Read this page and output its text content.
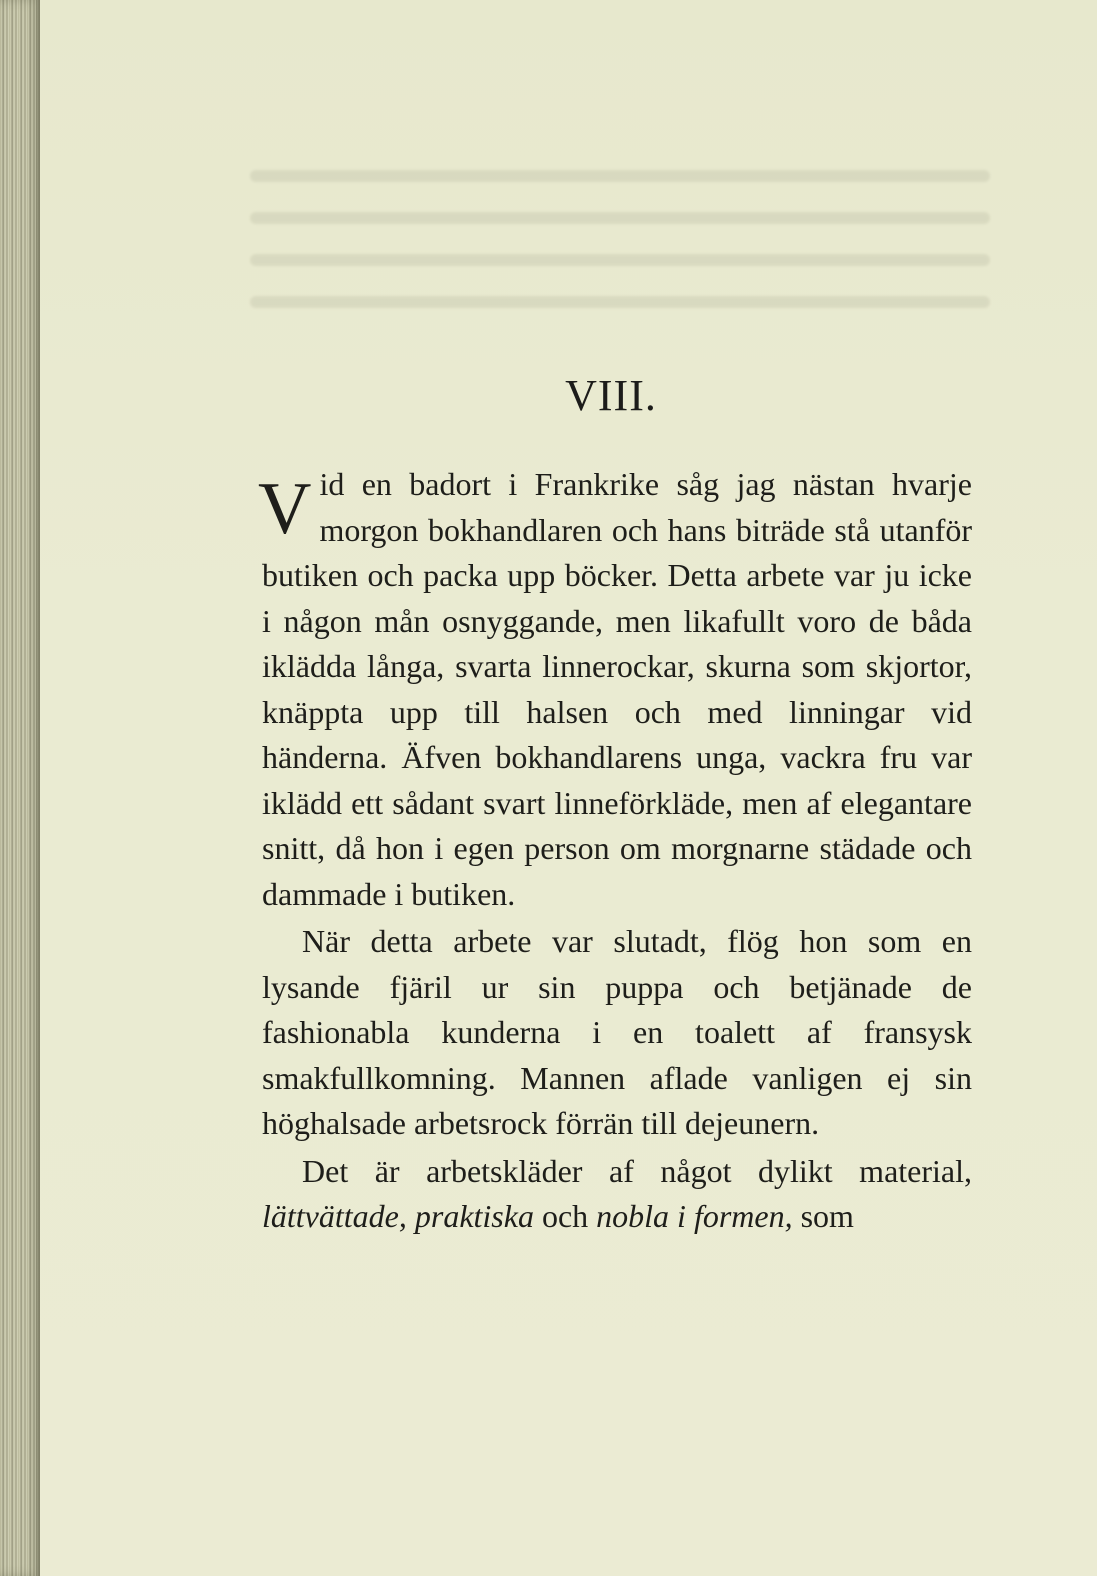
VIII.

Vid en badort i Frankrike såg jag nästan hvarje morgon bokhandlaren och hans biträde stå utanför butiken och packa upp böcker. Detta arbete var ju icke i någon mån osnyggande, men likafullt voro de båda iklädda långa, svarta linnerockar, skurna som skjortor, knäppta upp till halsen och med linningar vid händerna. Äfven bokhandlarens unga, vackra fru var iklädd ett sådant svart linneförkläde, men af elegantare snitt, då hon i egen person om morgnarne städade och dammade i butiken.

När detta arbete var slutadt, flög hon som en lysande fjäril ur sin puppa och betjänade de fashionabla kunderna i en toalett af fransysk smakfullkomning. Mannen aflade vanligen ej sin höghalsade arbetsrock förrän till dejeunern.

Det är arbetskläder af något dylikt material, lättvättade, praktiska och nobla i formen, som
